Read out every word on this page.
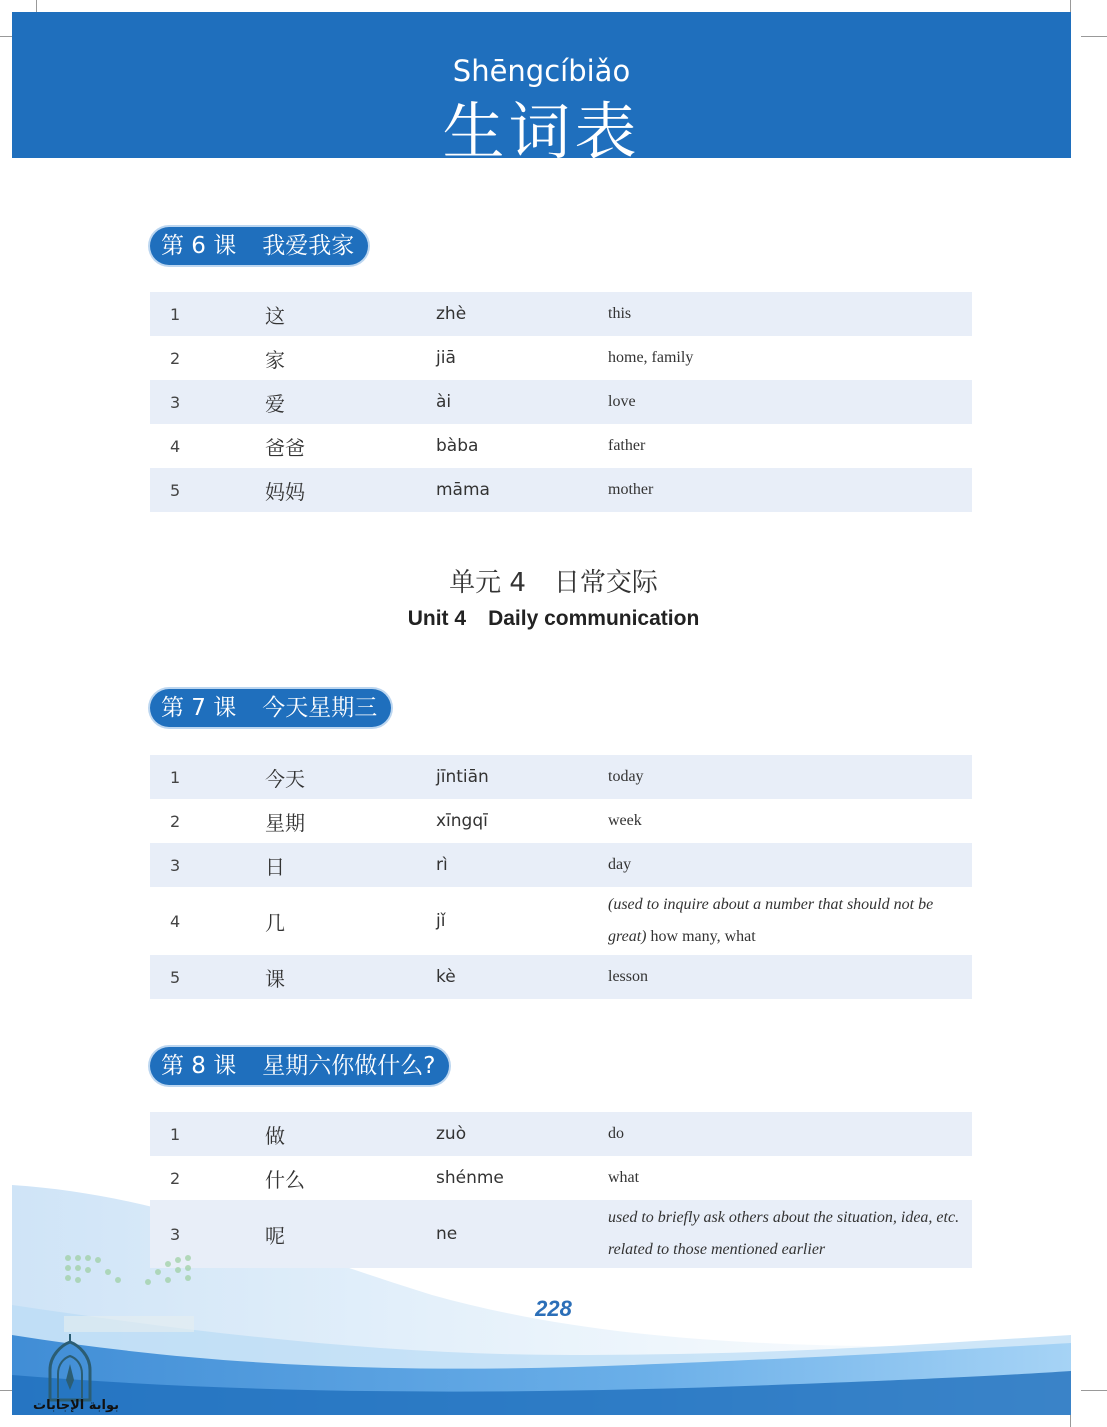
Shēngcíbiǎo
生词表
第 6 课 我爱我家
1	这	zhè	this
2	家	jiā	home, family
3	爱	ài	love
4	爸爸	bàba	father
5	妈妈	māma	mother
单元 4 日常交际
Unit 4 Daily communication
第 7 课 今天星期三
1	今天	jīntiān	today
2	星期	xīngqī	week
3	日	rì	day
4	几	jǐ	(used to inquire about a number that should not be great) how many, what
5	课	kè	lesson
第 8 课 星期六你做什么?
1	做	zuò	do
2	什么	shénme	what
3	呢	ne	used to briefly ask others about the situation, idea, etc. related to those mentioned earlier
228
بوابة الإجابات
